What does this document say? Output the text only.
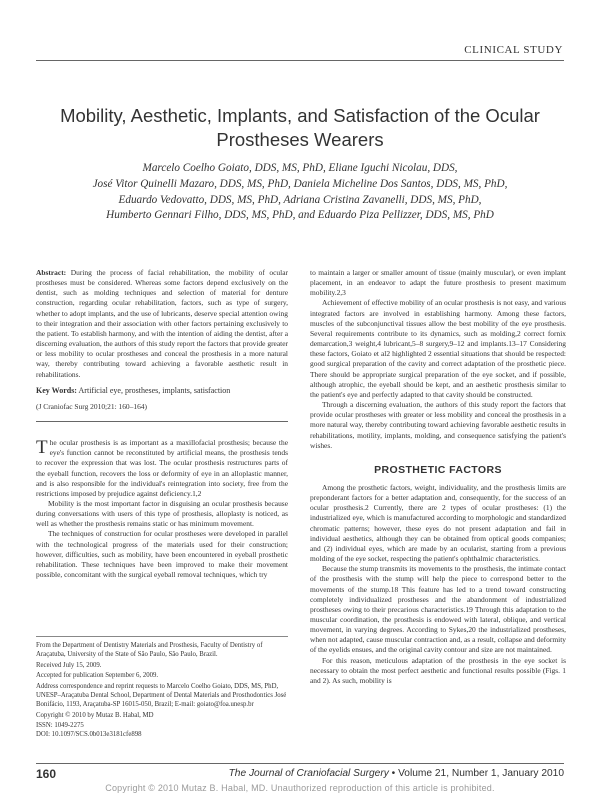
CLINICAL STUDY
Mobility, Aesthetic, Implants, and Satisfaction of the Ocular Prostheses Wearers
Marcelo Coelho Goiato, DDS, MS, PhD, Eliane Iguchi Nicolau, DDS,
José Vitor Quinelli Mazaro, DDS, MS, PhD, Daniela Micheline Dos Santos, DDS, MS, PhD,
Eduardo Vedovatto, DDS, MS, PhD, Adriana Cristina Zavanelli, DDS, MS, PhD,
Humberto Gennari Filho, DDS, MS, PhD, and Eduardo Piza Pellizzer, DDS, MS, PhD

Abstract: During the process of facial rehabilitation, the mobility of ocular prostheses must be considered. Whereas some factors depend exclusively on the dentist, such as molding techniques and selection of material for denture construction, regarding ocular rehabilitation, factors, such as type of surgery, whether to adopt implants, and the use of lubricants, deserve special attention owing to their integration and their association with other factors pertaining exclusively to the patient. To establish harmony, and with the intention of aiding the dentist, after a discerning evaluation, the authors of this study report the factors that provide greater or less mobility to ocular prostheses and conceal the prosthesis in a more natural way, thereby contributing toward achieving a favorable aesthetic result in rehabilitations.

Key Words: Artificial eye, prostheses, implants, satisfaction

(J Craniofac Surg 2010;21: 160–164)

The ocular prosthesis is as important as a maxillofacial prosthesis; because the eye's function cannot be reconstituted by artificial means, the prosthesis tends to recover the expression that was lost. The ocular prosthesis restructures parts of the eyeball function, recovers the loss or deformity of eye in an alloplastic manner, and is also responsible for the individual's reintegration into society, free from the restrictions imposed by prejudice against deficiency.1,2

Mobility is the most important factor in disguising an ocular prosthesis because during conversations with users of this type of prosthesis, alloplasty is noticed, as well as whether the prosthesis remains static or has minimum movement.

The techniques of construction for ocular prostheses were developed in parallel with the technological progress of the materials used for their construction; however, difficulties, such as mobility, have been encountered in eyeball prosthetic rehabilitation. These techniques have been improved to make their movement possible, concomitant with the surgical eyeball removal techniques, which try

From the Department of Dentistry Materials and Prosthesis, Faculty of Dentistry of Araçatuba, University of the State of São Paulo, São Paulo, Brazil.

Received July 15, 2009.

Accepted for publication September 6, 2009.

Address correspondence and reprint requests to Marcelo Coelho Goiato, DDS, MS, PhD, UNESP–Araçatuba Dental School, Department of Dental Materials and Prosthodontics José Bonifácio, 1193, Araçatuba-SP 16015-050, Brazil; E-mail: goiato@foa.unesp.br

Copyright © 2010 by Mutaz B. Habal, MD

ISSN: 1049-2275

DOI: 10.1097/SCS.0b013e3181cfe898

to maintain a larger or smaller amount of tissue (mainly muscular), or even implant placement, in an endeavor to adapt the future prosthesis to present maximum mobility.2,3

Achievement of effective mobility of an ocular prosthesis is not easy, and various integrated factors are involved in establishing harmony. Among these factors, muscles of the subconjunctival tissues allow the best mobility of the eye prosthesis. Several requirements contribute to its dynamics, such as molding,2 correct fornix demarcation,3 weight,4 lubricant,5–8 surgery,9–12 and implants.13–17 Considering these factors, Goiato et al2 highlighted 2 essential situations that should be respected: good surgical preparation of the cavity and correct adaptation of the prosthetic piece. There should be appropriate surgical preparation of the eye socket, and if possible, although atrophic, the eyeball should be kept, and an aesthetic prosthesis similar to the patient's eye and perfectly adapted to that cavity should be constructed.

Through a discerning evaluation, the authors of this study report the factors that provide ocular prostheses with greater or less mobility and conceal the prosthesis in a more natural way, thereby contributing toward achieving favorable aesthetic results in rehabilitations, motility, implants, molding, and consequence satisfying the patient's wishes.

PROSTHETIC FACTORS

Among the prosthetic factors, weight, individuality, and the prosthesis limits are preponderant factors for a better adaptation and, consequently, for the success of an ocular prosthesis.2 Currently, there are 2 types of ocular prostheses: (1) the industrialized eye, which is manufactured according to morphologic and standardized chromatic patterns; however, these eyes do not present adaptation and fail in individual aesthetics, although they can be obtained from optical goods companies; and (2) individual eyes, which are made by an ocularist, starting from a previous molding of the eye socket, respecting the patient's ophthalmic characteristics.

Because the stump transmits its movements to the prosthesis, the intimate contact of the prosthesis with the stump will help the piece to correspond better to the movements of the stump.18 This feature has led to a trend toward constructing completely individualized prostheses and the abandonment of industrialized prostheses owing to their precarious characteristics.19 Through this adaptation to the muscular coordination, the prosthesis is endowed with lateral, oblique, and vertical movement, in varying degrees. According to Sykes,20 the industrialized prostheses, when not adapted, cause muscular contraction and, as a result, collapse and deformity of the eyelids ensues, and the original cavity contour and size are not maintained.

For this reason, meticulous adaptation of the prosthesis in the eye socket is necessary to obtain the most perfect aesthetic and functional results possible (Figs. 1 and 2). As such, mobility is

160	The Journal of Craniofacial Surgery • Volume 21, Number 1, January 2010
Copyright © 2010 Mutaz B. Habal, MD. Unauthorized reproduction of this article is prohibited.
